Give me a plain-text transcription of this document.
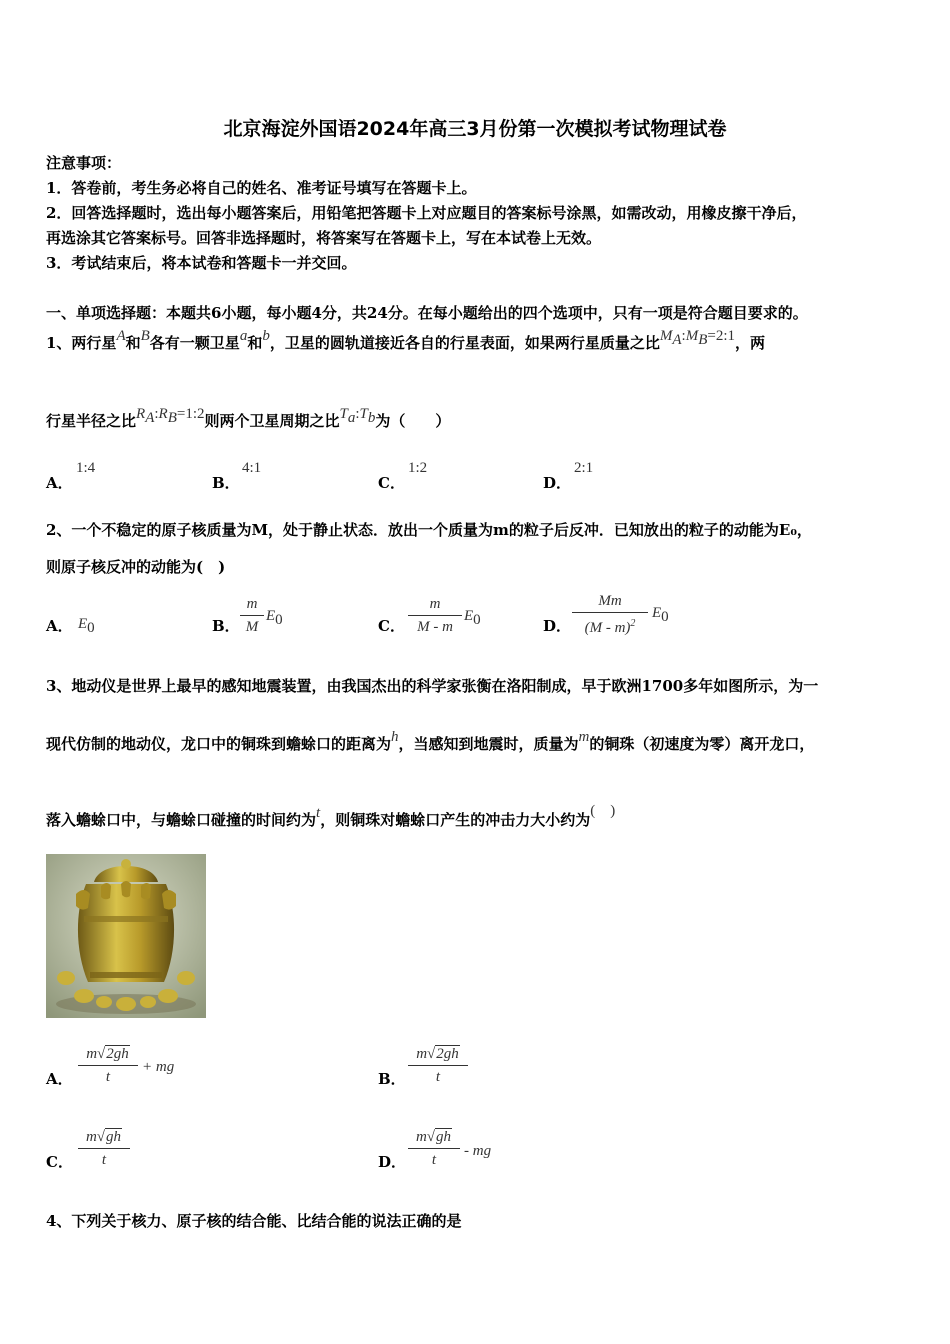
北京海淀外国语2024年高三3月份第一次模拟考试物理试卷
注意事项：
1．答卷前，考生务必将自己的姓名、准考证号填写在答题卡上。
2．回答选择题时，选出每小题答案后，用铅笔把答题卡上对应题目的答案标号涂黑，如需改动，用橡皮擦干净后，
再选涂其它答案标号。回答非选择题时，将答案写在答题卡上，写在本试卷上无效。
3．考试结束后，将本试卷和答题卡一并交回。
一、单项选择题：本题共6小题，每小题4分，共24分。在每小题给出的四个选项中，只有一项是符合题目要求的。
1、两行星A和B各有一颗卫星a和b，卫星的圆轨道接近各自的行星表面，如果两行星质量之比$M_A:M_B=2:1$，两
行星半径之比$R_A:R_B=1:2$则两个卫星周期之比$T_a:T_b$为（　　）
A．
1:4
B．
4:1
C．
1:2
D．
2:1
2、一个不稳定的原子核质量为M，处于静止状态．放出一个质量为m的粒子后反冲．已知放出的粒子的动能为E₀，
则原子核反冲的动能为(　)
A． $E_0$	B．
m
M
$E_0$	C．
m
M - m
$E_0$	D．
Mm
(M - m)$^2$
$E_0$
3、地动仪是世界上最早的感知地震装置，由我国杰出的科学家张衡在洛阳制成，早于欧洲1700多年如图所示，为一
现代仿制的地动仪，龙口中的铜珠到蟾蜍口的距离为h，当感知到地震时，质量为m的铜珠（初速度为零）离开龙口，
落入蟾蜍口中，与蟾蜍口碰撞的时间约为t，则铜珠对蟾蜍口产生的冲击力大小约为(　)
A．
m√2gh
t
+ mg
B．
m√2gh
t
C．
m√gh
t	D．
m√gh
t
- mg
4、下列关于核力、原子核的结合能、比结合能的说法正确的是
